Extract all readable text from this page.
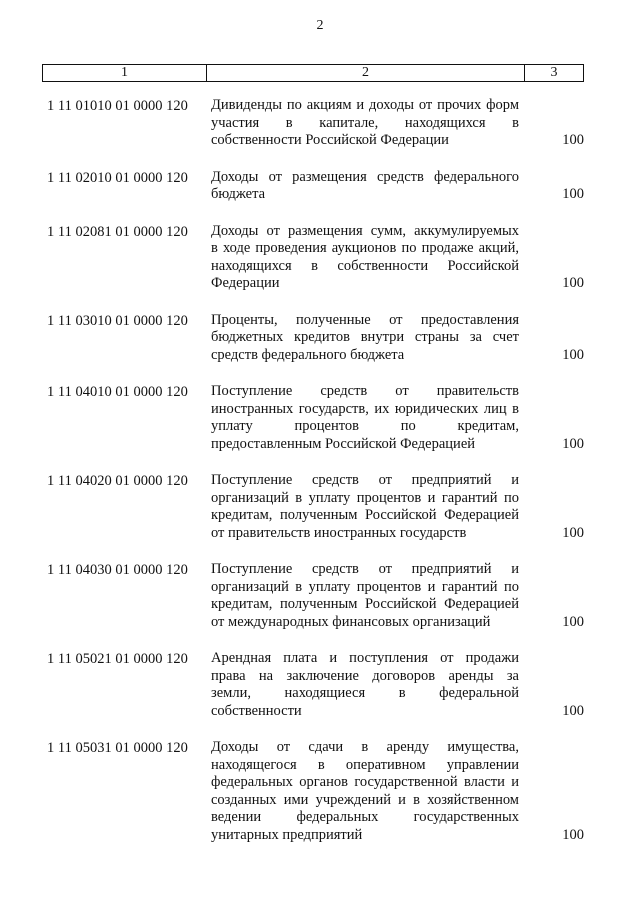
2
1	2	3
1 11 01010 01 0000 120	Дивиденды по акциям и доходы от прочих форм
участия в капитале, находящихся в
собственности Российской Федерации	100
1 11 02010 01 0000 120	Доходы от размещения средств федерального
бюджета	100
1 11 02081 01 0000 120	Доходы от размещения сумм, аккумулируемых
в ходе проведения аукционов по продаже акций,
находящихся в собственности Российской
Федерации	100
1 11 03010 01 0000 120	Проценты, полученные от предоставления
бюджетных кредитов внутри страны за счет
средств федерального бюджета	100
1 11 04010 01 0000 120	Поступление средств от правительств
иностранных государств, их юридических лиц в
уплату процентов по кредитам,
предоставленным Российской Федерацией	100
1 11 04020 01 0000 120	Поступление средств от предприятий и
организаций в уплату процентов и гарантий по
кредитам, полученным Российской Федерацией
от правительств иностранных государств	100
1 11 04030 01 0000 120	Поступление средств от предприятий и
организаций в уплату процентов и гарантий по
кредитам, полученным Российской Федерацией
от международных финансовых организаций	100
1 11 05021 01 0000 120	Арендная плата и поступления от продажи
права на заключение договоров аренды за
земли, находящиеся в федеральной
собственности	100
1 11 05031 01 0000 120	Доходы от сдачи в аренду имущества,
находящегося в оперативном управлении
федеральных органов государственной власти и
созданных ими учреждений и в хозяйственном
ведении федеральных государственных
унитарных предприятий	100
